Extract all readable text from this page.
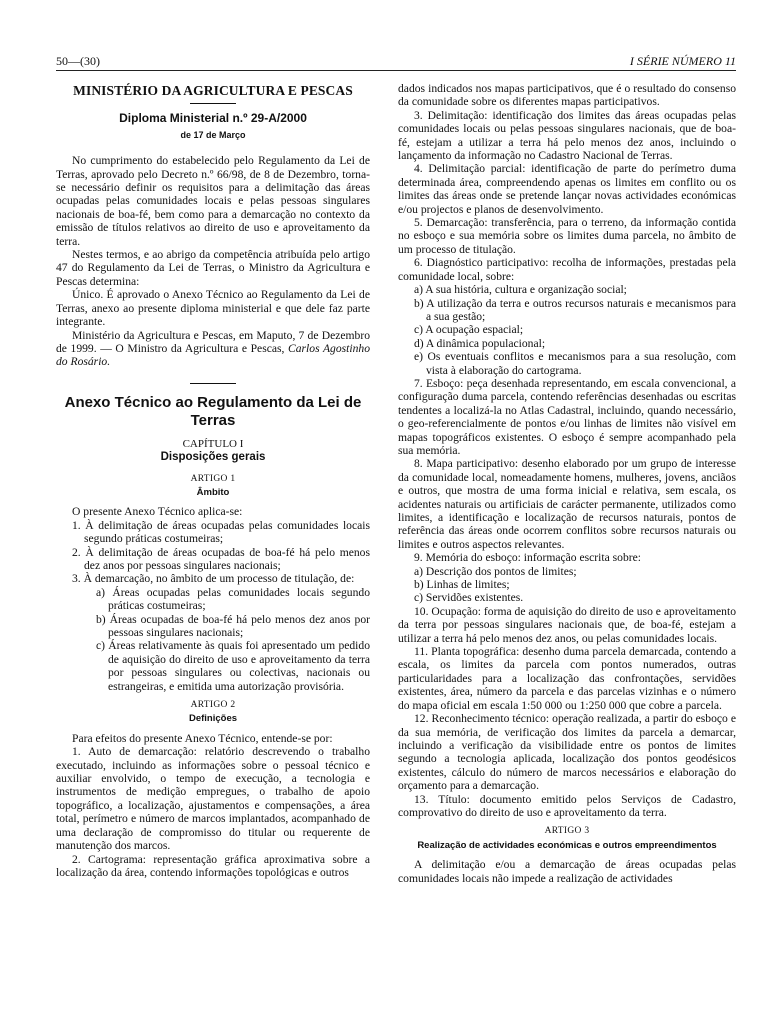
50—(30)	I SÉRIE NÚMERO 11

MINISTÉRIO DA AGRICULTURA E PESCAS

Diploma Ministerial n.º 29-A/2000

de 17 de Março

No cumprimento do estabelecido pelo Regulamento da Lei de Terras, aprovado pelo Decreto n.º 66/98, de 8 de Dezembro, torna-se necessário definir os requisitos para a delimitação das áreas ocupadas pelas comunidades locais e pelas pessoas singulares nacionais de boa-fé, bem como para a demarcação no contexto da emissão de títulos relativos ao direito de uso e aproveitamento da terra.

Nestes termos, e ao abrigo da competência atribuída pelo artigo 47 do Regulamento da Lei de Terras, o Ministro da Agricultura e Pescas determina:

Único. É aprovado o Anexo Técnico ao Regulamento da Lei de Terras, anexo ao presente diploma ministerial e que dele faz parte integrante.

Ministério da Agricultura e Pescas, em Maputo, 7 de Dezembro de 1999. — O Ministro da Agricultura e Pescas, Carlos Agostinho do Rosário.

Anexo Técnico ao Regulamento da Lei de Terras

CAPÍTULO I

Disposições gerais

ARTIGO 1

Âmbito

O presente Anexo Técnico aplica-se:

1. À delimitação de áreas ocupadas pelas comunidades locais segundo práticas costumeiras;

2. À delimitação de áreas ocupadas de boa-fé há pelo menos dez anos por pessoas singulares nacionais;

3. À demarcação, no âmbito de um processo de titulação, de:

a) Áreas ocupadas pelas comunidades locais segundo práticas costumeiras;

b) Áreas ocupadas de boa-fé há pelo menos dez anos por pessoas singulares nacionais;

c) Áreas relativamente às quais foi apresentado um pedido de aquisição do direito de uso e aproveitamento da terra por pessoas singulares ou colectivas, nacionais ou estrangeiras, e emitida uma autorização provisória.

ARTIGO 2

Definições

Para efeitos do presente Anexo Técnico, entende-se por:

1. Auto de demarcação: relatório descrevendo o trabalho executado, incluindo as informações sobre o pessoal técnico e auxiliar envolvido, o tempo de execução, a tecnologia e instrumentos de medição empregues, o trabalho de apoio topográfico, a localização, ajustamentos e compensações, a área total, perímetro e número de marcos implantados, acompanhado de uma declaração de compromisso do titular ou requerente de manutenção dos marcos.

2. Cartograma: representação gráfica aproximativa sobre a localização da área, contendo informações topológicas e outros

dados indicados nos mapas participativos, que é o resultado do consenso da comunidade sobre os diferentes mapas participativos.

3. Delimitação: identificação dos limites das áreas ocupadas pelas comunidades locais ou pelas pessoas singulares nacionais, que de boa-fé, estejam a utilizar a terra há pelo menos dez anos, incluindo o lançamento da informação no Cadastro Nacional de Terras.

4. Delimitação parcial: identificação de parte do perímetro duma determinada área, compreendendo apenas os limites em conflito ou os limites das áreas onde se pretende lançar novas actividades económicas e/ou projectos e planos de desenvolvimento.

5. Demarcação: transferência, para o terreno, da informação contida no esboço e sua memória sobre os limites duma parcela, no âmbito de um processo de titulação.

6. Diagnóstico participativo: recolha de informações, prestadas pela comunidade local, sobre:

a) A sua história, cultura e organização social;

b) A utilização da terra e outros recursos naturais e mecanismos para a sua gestão;

c) A ocupação espacial;

d) A dinâmica populacional;

e) Os eventuais conflitos e mecanismos para a sua resolução, com vista à elaboração do cartograma.

7. Esboço: peça desenhada representando, em escala convencional, a configuração duma parcela, contendo referências desenhadas ou escritas tendentes a localizá-la no Atlas Cadastral, incluindo, quando necessário, o geo-referencialmente de pontos e/ou linhas de limites não visível em mapas topográficos existentes. O esboço é sempre acompanhado pela sua memória.

8. Mapa participativo: desenho elaborado por um grupo de interesse da comunidade local, nomeadamente homens, mulheres, jovens, anciãos e outros, que mostra de uma forma inicial e relativa, sem escala, os acidentes naturais ou artificiais de carácter permanente, utilizados como limites, a identificação e localização de recursos naturais, pontos de referência das áreas onde ocorrem conflitos sobre recursos naturais ou limites e outros aspectos relevantes.

9. Memória do esboço: informação escrita sobre:

a) Descrição dos pontos de limites;

b) Linhas de limites;

c) Servidões existentes.

10. Ocupação: forma de aquisição do direito de uso e aproveitamento da terra por pessoas singulares nacionais que, de boa-fé, estejam a utilizar a terra há pelo menos dez anos, ou pelas comunidades locais.

11. Planta topográfica: desenho duma parcela demarcada, contendo a escala, os limites da parcela com pontos numerados, outras particularidades para a localização das confrontações, servidões existentes, área, número da parcela e das parcelas vizinhas e o número do mapa oficial em escala 1:50 000 ou 1:250 000 que cobre a parcela.

12. Reconhecimento técnico: operação realizada, a partir do esboço e da sua memória, de verificação dos limites da parcela a demarcar, incluindo a verificação da visibilidade entre os pontos de limites segundo a tecnologia aplicada, localização dos pontos geodésicos existentes, cálculo do número de marcos necessários e elaboração do orçamento para a demarcação.

13. Título: documento emitido pelos Serviços de Cadastro, comprovativo do direito de uso e aproveitamento da terra.

ARTIGO 3

Realização de actividades económicas e outros empreendimentos

A delimitação e/ou a demarcação de áreas ocupadas pelas comunidades locais não impede a realização de actividades
